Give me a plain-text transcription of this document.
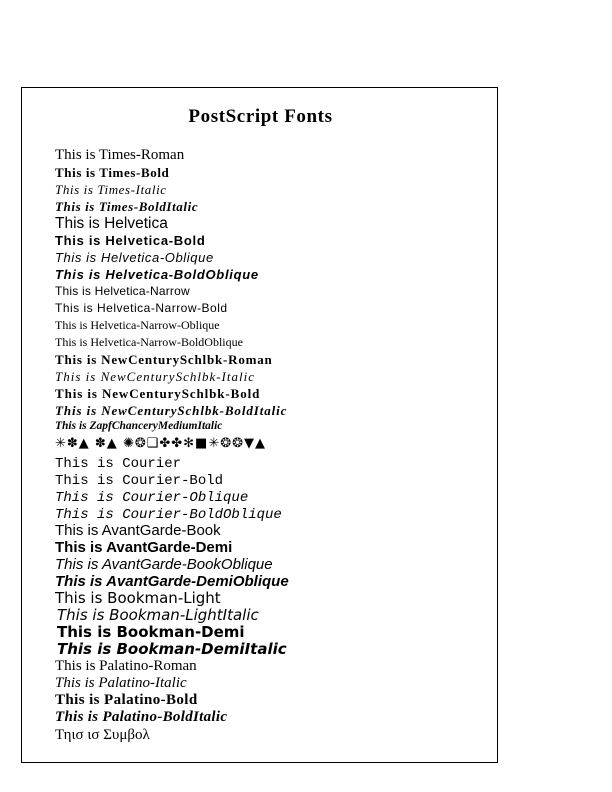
PostScript Fonts
This is Times-Roman
This is Times-Bold
This is Times-Italic
This is Times-BoldItalic
This is Helvetica
This is Helvetica-Bold
This is Helvetica-Oblique
This is Helvetica-BoldOblique
This is Helvetica-Narrow
This is Helvetica-Narrow-Bold
This is Helvetica-Narrow-Oblique
This is Helvetica-Narrow-BoldOblique
This is NewCenturySchlbk-Roman
This is NewCenturySchlbk-Italic
This is NewCenturySchlbk-Bold
This is NewCenturySchlbk-BoldItalic
This is ZapfChanceryMediumItalic
✳✽▲ ✽▲ ✺❂❑✤✤✻■✳❂❂▼▲
This is Courier
This is Courier-Bold
This is Courier-Oblique
This is Courier-BoldOblique
This is AvantGarde-Book
This is AvantGarde-Demi
This is AvantGarde-BookOblique
This is AvantGarde-DemiOblique
This is Bookman-Light
This is Bookman-LightItalic
This is Bookman-Demi
This is Bookman-DemiItalic
This is Palatino-Roman
This is Palatino-Italic
This is Palatino-Bold
This is Palatino-BoldItalic
Τηισ ισ Συμβολ
